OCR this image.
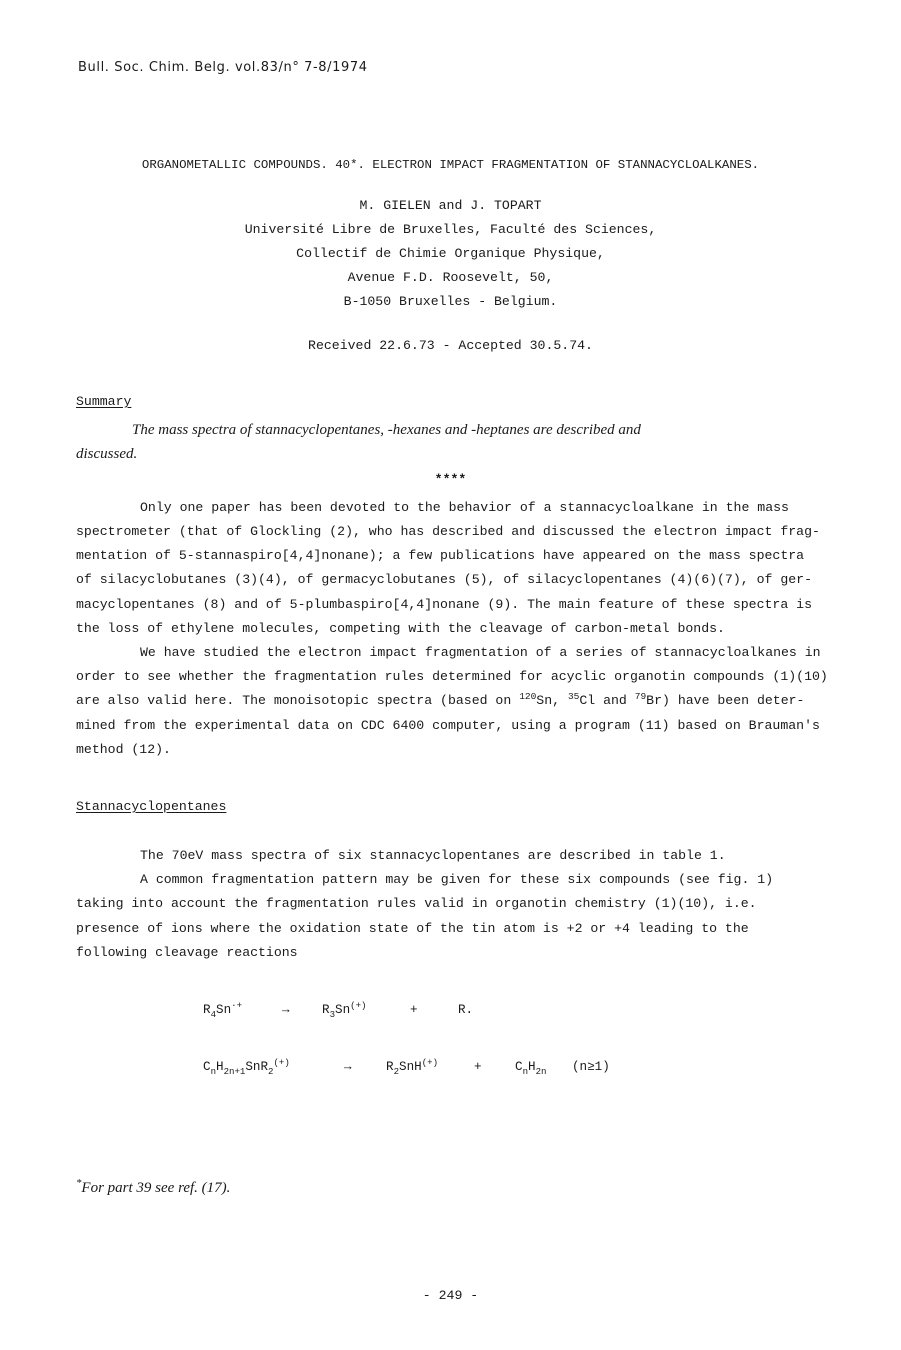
Bull. Soc. Chim. Belg. vol.83/n° 7-8/1974
ORGANOMETALLIC COMPOUNDS. 40*. ELECTRON IMPACT FRAGMENTATION OF STANNACYCLOALKANES.
M. GIELEN and J. TOPART
Université Libre de Bruxelles, Faculté des Sciences,
Collectif de Chimie Organique Physique,
Avenue F.D. Roosevelt, 50,
B-1050 Bruxelles - Belgium.
Received 22.6.73 - Accepted 30.5.74.
Summary
The mass spectra of stannacyclopentanes, -hexanes and -heptanes are described and
discussed.
****
Only one paper has been devoted to the behavior of a stannacycloalkane in the mass
spectrometer (that of Glockling (2), who has described and discussed the electron impact frag-
mentation of 5-stannaspiro[4,4]nonane); a few publications have appeared on the mass spectra
of silacyclobutanes (3)(4), of germacyclobutanes (5), of silacyclopentanes (4)(6)(7), of ger-
macyclopentanes (8) and of 5-plumbaspiro[4,4]nonane (9). The main feature of these spectra is
the loss of ethylene molecules, competing with the cleavage of carbon-metal bonds.
We have studied the electron impact fragmentation of a series of stannacycloalkanes in
order to see whether the fragmentation rules determined for acyclic organotin compounds (1)(10)
are also valid here. The monoisotopic spectra (based on $^{120}$Sn, $^{35}$Cl and $^{79}$Br) have been deter-
mined from the experimental data on CDC 6400 computer, using a program (11) based on Brauman's
method (12).
Stannacyclopentanes
The 70eV mass spectra of six stannacyclopentanes are described in table 1.
A common fragmentation pattern may be given for these six compounds (see fig. 1)
taking into account the fragmentation rules valid in organotin chemistry (1)(10), i.e.
presence of ions where the oxidation state of the tin atom is +2 or +4 leading to the
following cleavage reactions
$R_4Sn^{\cdot+}$	→	$R_3Sn^{(+)}$	+	R.
$C_nH_{2n+1}SnR_2^{(+)}$	→	$R_2SnH^{(+)}$	+	$C_nH_{2n}$ (n≥1)
*For part 39 see ref. (17).
- 249 -
